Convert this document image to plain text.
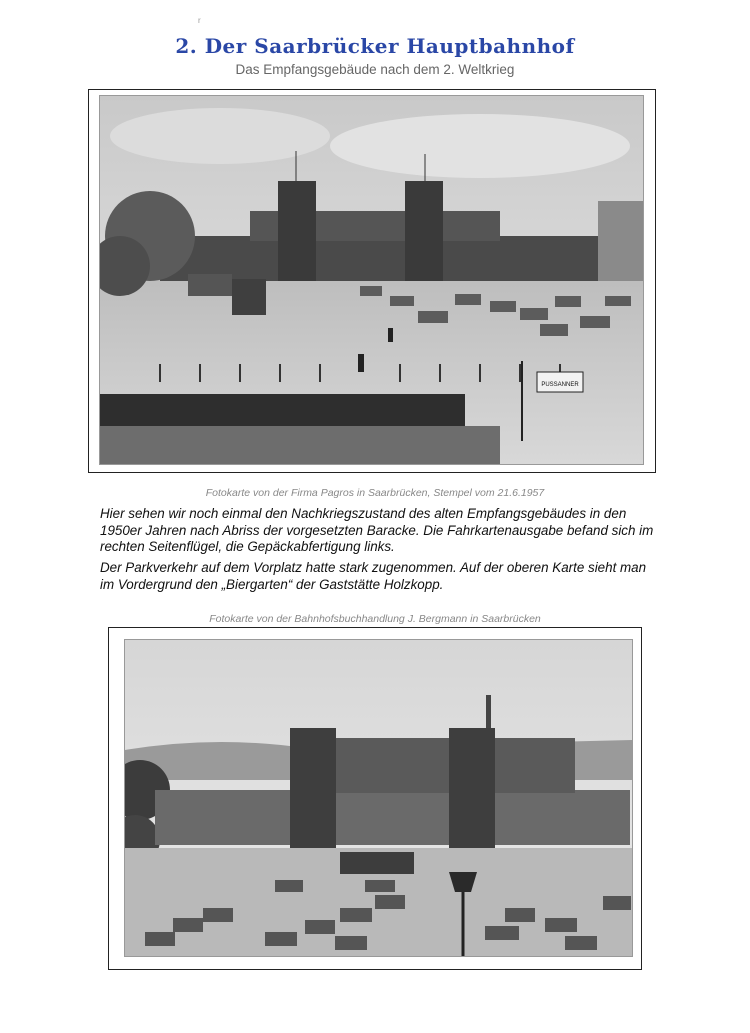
r
2. Der Saarbrücker Hauptbahnhof
Das Empfangsgebäude nach dem 2. Weltkrieg
PUSSANNER
Fotokarte von der Firma Pagros in Saarbrücken, Stempel vom 21.6.1957

Hier sehen wir noch einmal den Nachkriegszustand des alten Empfangsgebäudes in den 1950er Jahren nach Abriss der vorgesetzten Baracke. Die Fahrkartenausgabe befand sich im rechten Seitenflügel, die Gepäckabfertigung links.

Der Parkverkehr auf dem Vorplatz hatte stark zugenommen. Auf der oberen Karte sieht man im Vordergrund den „Biergarten“ der Gaststätte Holzkopp.

Fotokarte von der Bahnhofsbuchhandlung J. Bergmann in Saarbrücken
